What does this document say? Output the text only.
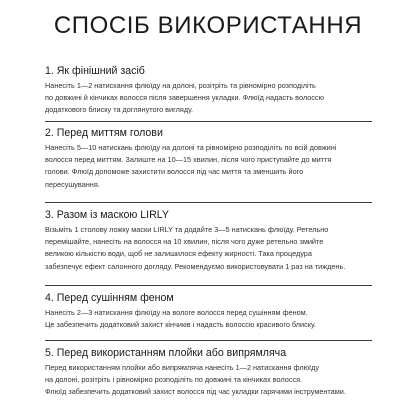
СПОСІБ ВИКОРИСТАННЯ
1. Як фінішний засіб
Нанесіть 1—2 натискання флюїду на долоні, розітріть та рівномірно розподіліть
по довжині й кінчиках волосся після завершення укладки. Флюїд надасть волоссю
додаткового блиску та доглянутого вигляду.
2. Перед миттям голови
Нанесіть 5—10 натискань флюїду на долоні та рівномірно розподіліть по всій довжині
волосся перед миттям. Залиште на 10—15 хвилин, після чого приступайте до миття
голови. Флюїд допоможе захистити волосся під час миття та зменшить його
пересушування.
3. Разом із маскою LIRLY
Візьміть 1 столову ложку маски LIRLY та додайте 3—5 натискань флюїду. Ретельно
перемішайте, нанесіть на волосся на 10 хвилин, після чого дуже ретельно змийте
великою кількістю води, щоб не залишилося ефекту жирності. Така процедура
забезпечує ефект салонного догляду. Рекомендуємо використовувати 1 раз на тиждень.
4. Перед сушінням феном
Нанесіть 2—3 натискання флюїду на вологе волосся перед сушінням феном.
Це забезпечить додатковий захист кінчиків і надасть волоссю красивого блиску.
5. Перед використанням плойки або випрямляча
Перед використанням плойки або випрямляча нанесіть 1—2 натискання флюїду
на долоні, розітріть і рівномірно розподіліть по довжині та кінчиках волосся.
Флюїд забезпечить додатковий захист волосся під час укладки гарячими інструментами.
